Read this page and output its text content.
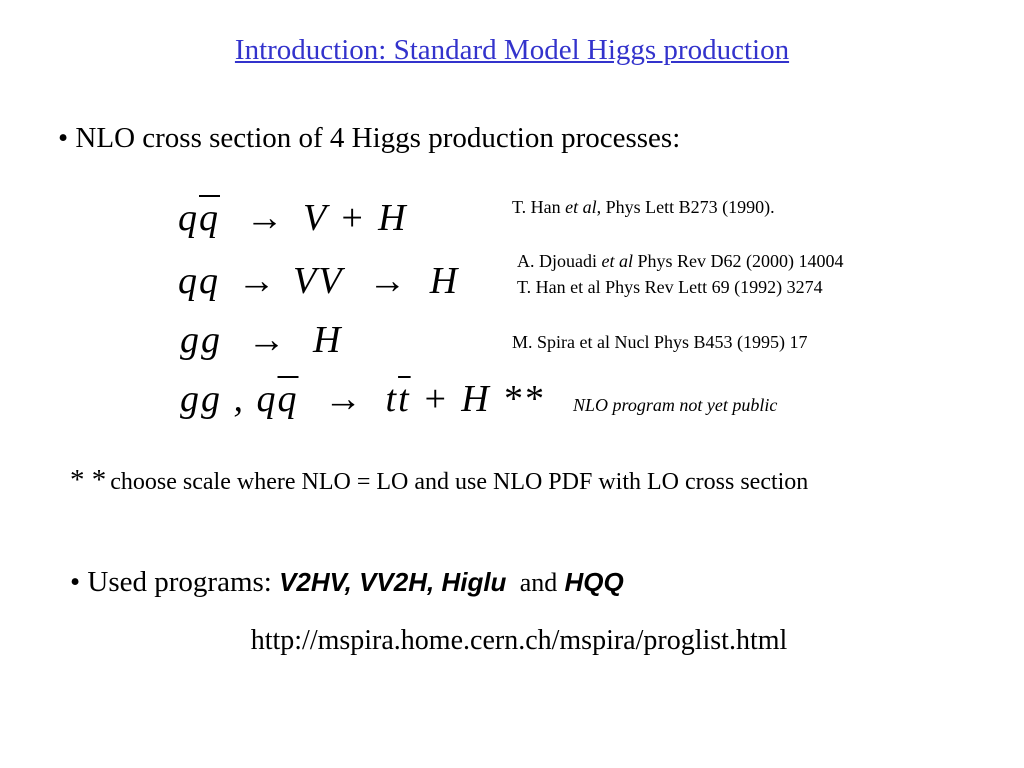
Introduction: Standard Model Higgs production
• NLO cross section of 4 Higgs production processes:
$q\overline{q} \to V + H$
qq → VV → H
gg → H
gg , $q\overline{q} \to t\overline{t} + H$ **
T. Han et al, Phys Lett B273 (1990).
A. Djouadi et al Phys Rev D62 (2000) 14004
T. Han et al Phys Rev Lett 69 (1992) 3274
M. Spira et al Nucl Phys B453 (1995) 17
NLO program not yet public
* * choose scale where NLO = LO and use NLO PDF with LO cross section
• Used programs: V2HV, VV2H, Higlu and HQQ
http://mspira.home.cern.ch/mspira/proglist.html
